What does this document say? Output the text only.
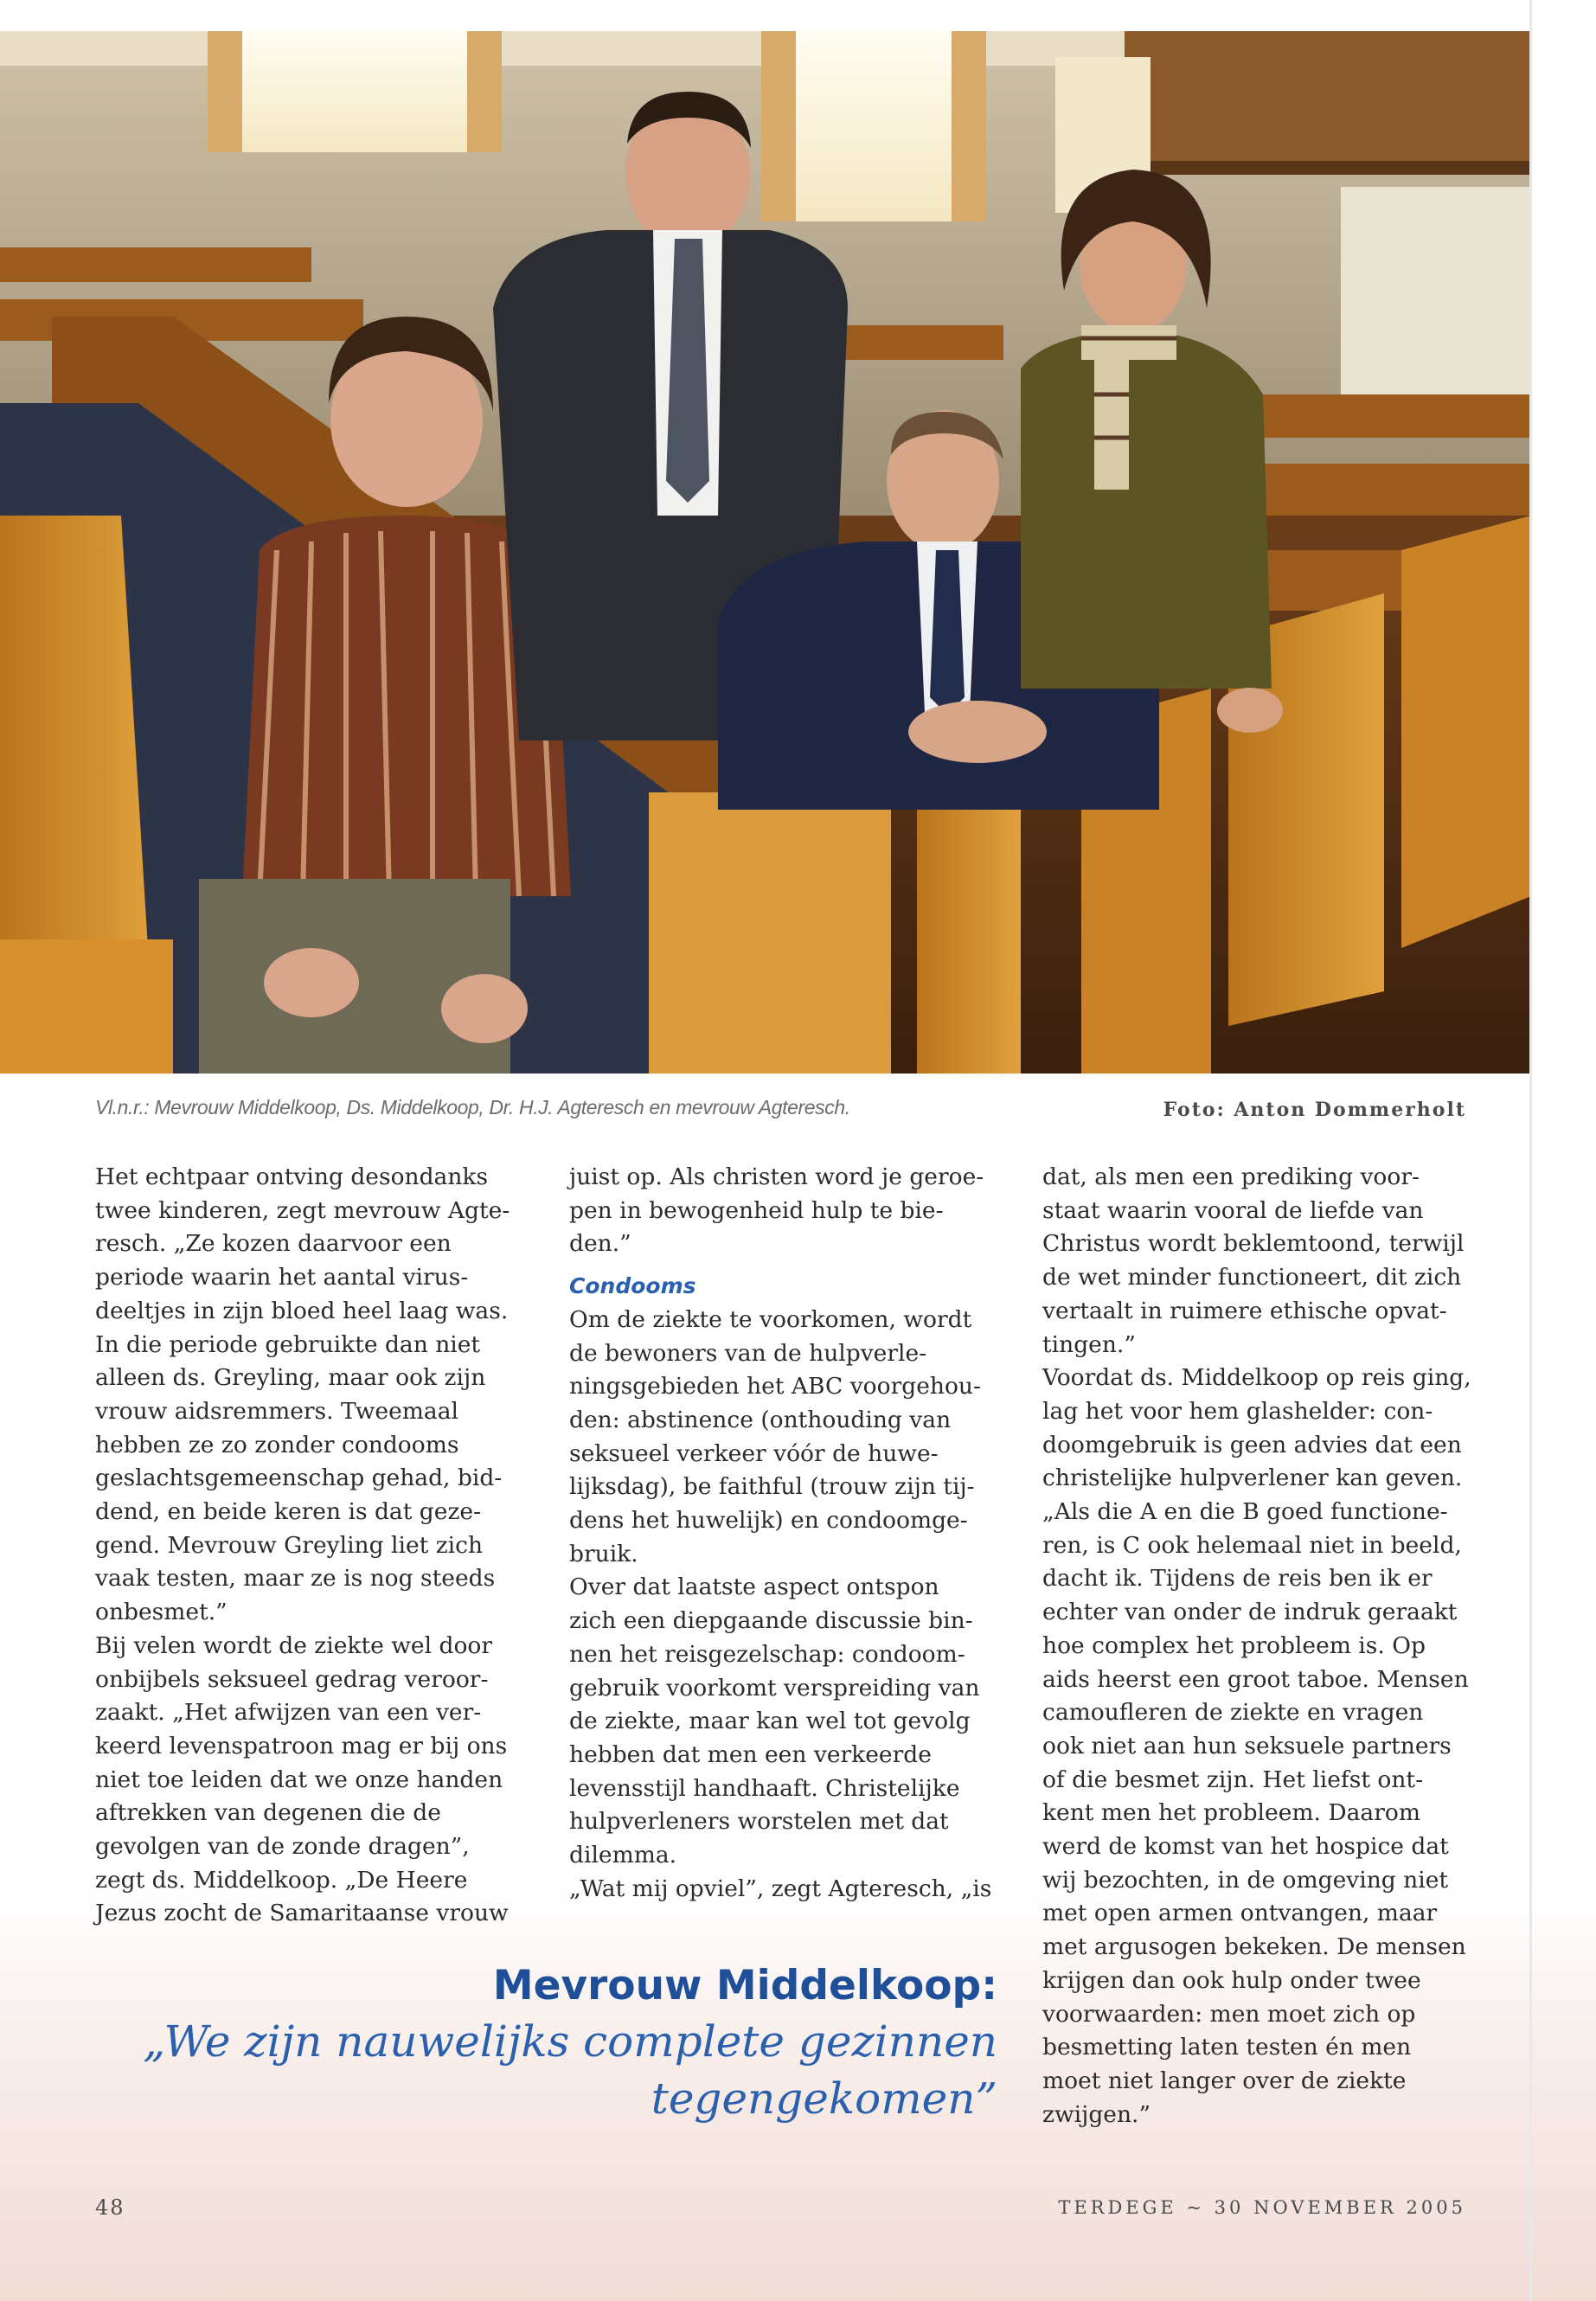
Vl.n.r.: Mevrouw Middelkoop, Ds. Middelkoop, Dr. H.J. Agteresch en mevrouw Agteresch.	Foto: Anton Dommerholt
Het echtpaar ontving desondanks
twee kinderen, zegt mevrouw Agte-
resch. „Ze kozen daarvoor een
periode waarin het aantal virus-
deeltjes in zijn bloed heel laag was.
In die periode gebruikte dan niet
alleen ds. Greyling, maar ook zijn
vrouw aidsremmers. Tweemaal
hebben ze zo zonder condooms
geslachtsgemeenschap gehad, bid-
dend, en beide keren is dat geze-
gend. Mevrouw Greyling liet zich
vaak testen, maar ze is nog steeds
onbesmet.”
Bij velen wordt de ziekte wel door
onbijbels seksueel gedrag veroor-
zaakt. „Het afwijzen van een ver-
keerd levenspatroon mag er bij ons
niet toe leiden dat we onze handen
aftrekken van degenen die de
gevolgen van de zonde dragen”,
zegt ds. Middelkoop. „De Heere
Jezus zocht de Samaritaanse vrouw
juist op. Als christen word je geroe-
pen in bewogenheid hulp te bie-
den.”
Condooms
Om de ziekte te voorkomen, wordt
de bewoners van de hulpverle-
ningsgebieden het ABC voorgehou-
den: abstinence (onthouding van
seksueel verkeer vóór de huwe-
lijksdag), be faithful (trouw zijn tij-
dens het huwelijk) en condoomge-
bruik.
Over dat laatste aspect ontspon
zich een diepgaande discussie bin-
nen het reisgezelschap: condoom-
gebruik voorkomt verspreiding van
de ziekte, maar kan wel tot gevolg
hebben dat men een verkeerde
levensstijl handhaaft. Christelijke
hulpverleners worstelen met dat
dilemma.
„Wat mij opviel”, zegt Agteresch, „is
dat, als men een prediking voor-
staat waarin vooral de liefde van
Christus wordt beklemtoond, terwijl
de wet minder functioneert, dit zich
vertaalt in ruimere ethische opvat-
tingen.”
Voordat ds. Middelkoop op reis ging,
lag het voor hem glashelder: con-
doomgebruik is geen advies dat een
christelijke hulpverlener kan geven.
„Als die A en die B goed functione-
ren, is C ook helemaal niet in beeld,
dacht ik. Tijdens de reis ben ik er
echter van onder de indruk geraakt
hoe complex het probleem is. Op
aids heerst een groot taboe. Mensen
camoufleren de ziekte en vragen
ook niet aan hun seksuele partners
of die besmet zijn. Het liefst ont-
kent men het probleem. Daarom
werd de komst van het hospice dat
wij bezochten, in de omgeving niet
met open armen ontvangen, maar
met argusogen bekeken. De mensen
krijgen dan ook hulp onder twee
voorwaarden: men moet zich op
besmetting laten testen én men
moet niet langer over de ziekte
zwijgen.”
Mevrouw Middelkoop:
„We zijn nauwelijks complete gezinnen
tegengekomen”
48	TERDEGE ~ 30 NOVEMBER 2005
